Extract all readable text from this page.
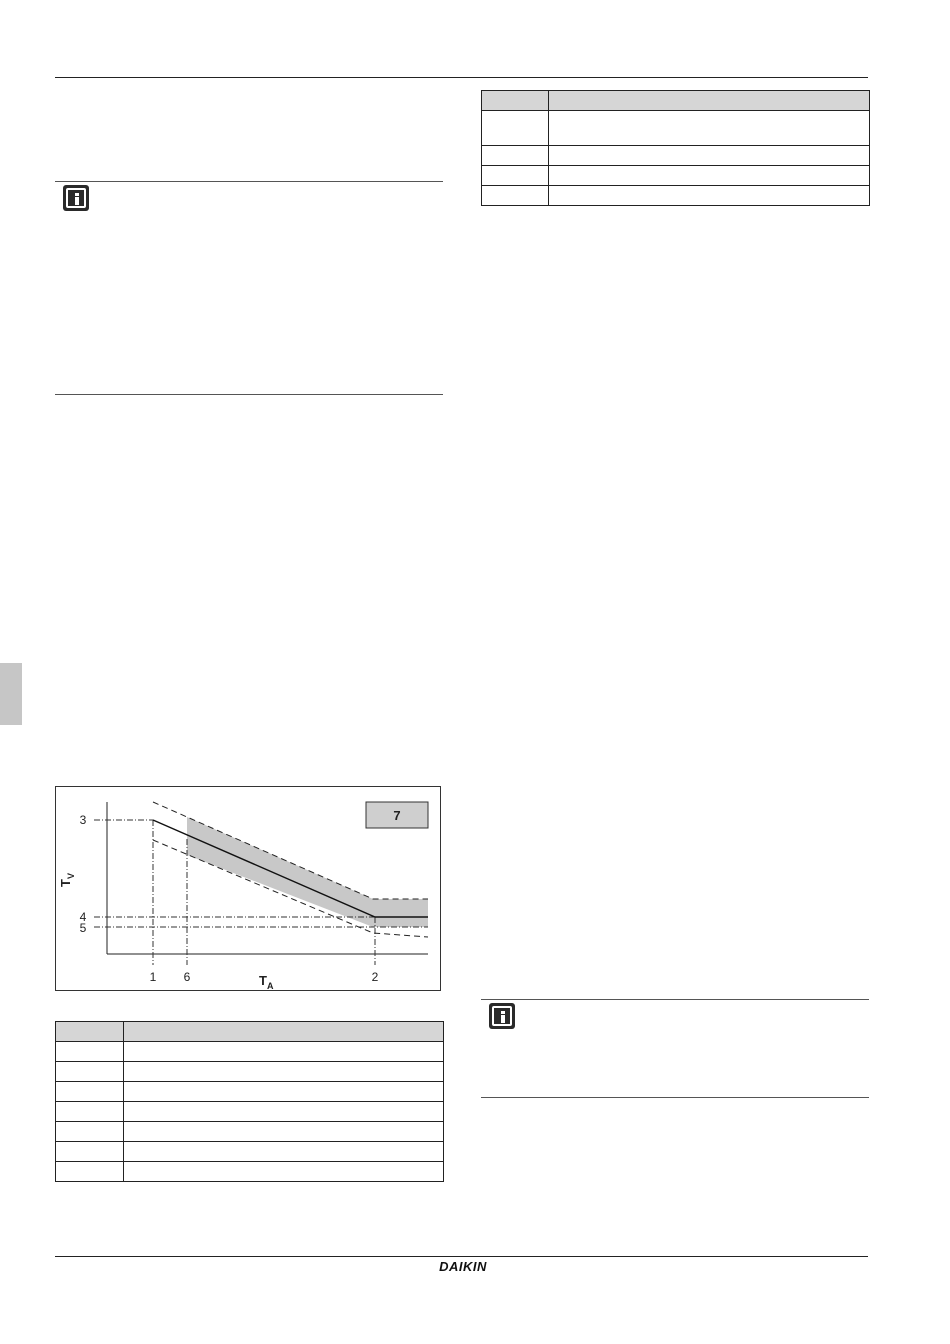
7
3
4
5
1 6	2
$T_A$
$T_V$

DAIKIN
